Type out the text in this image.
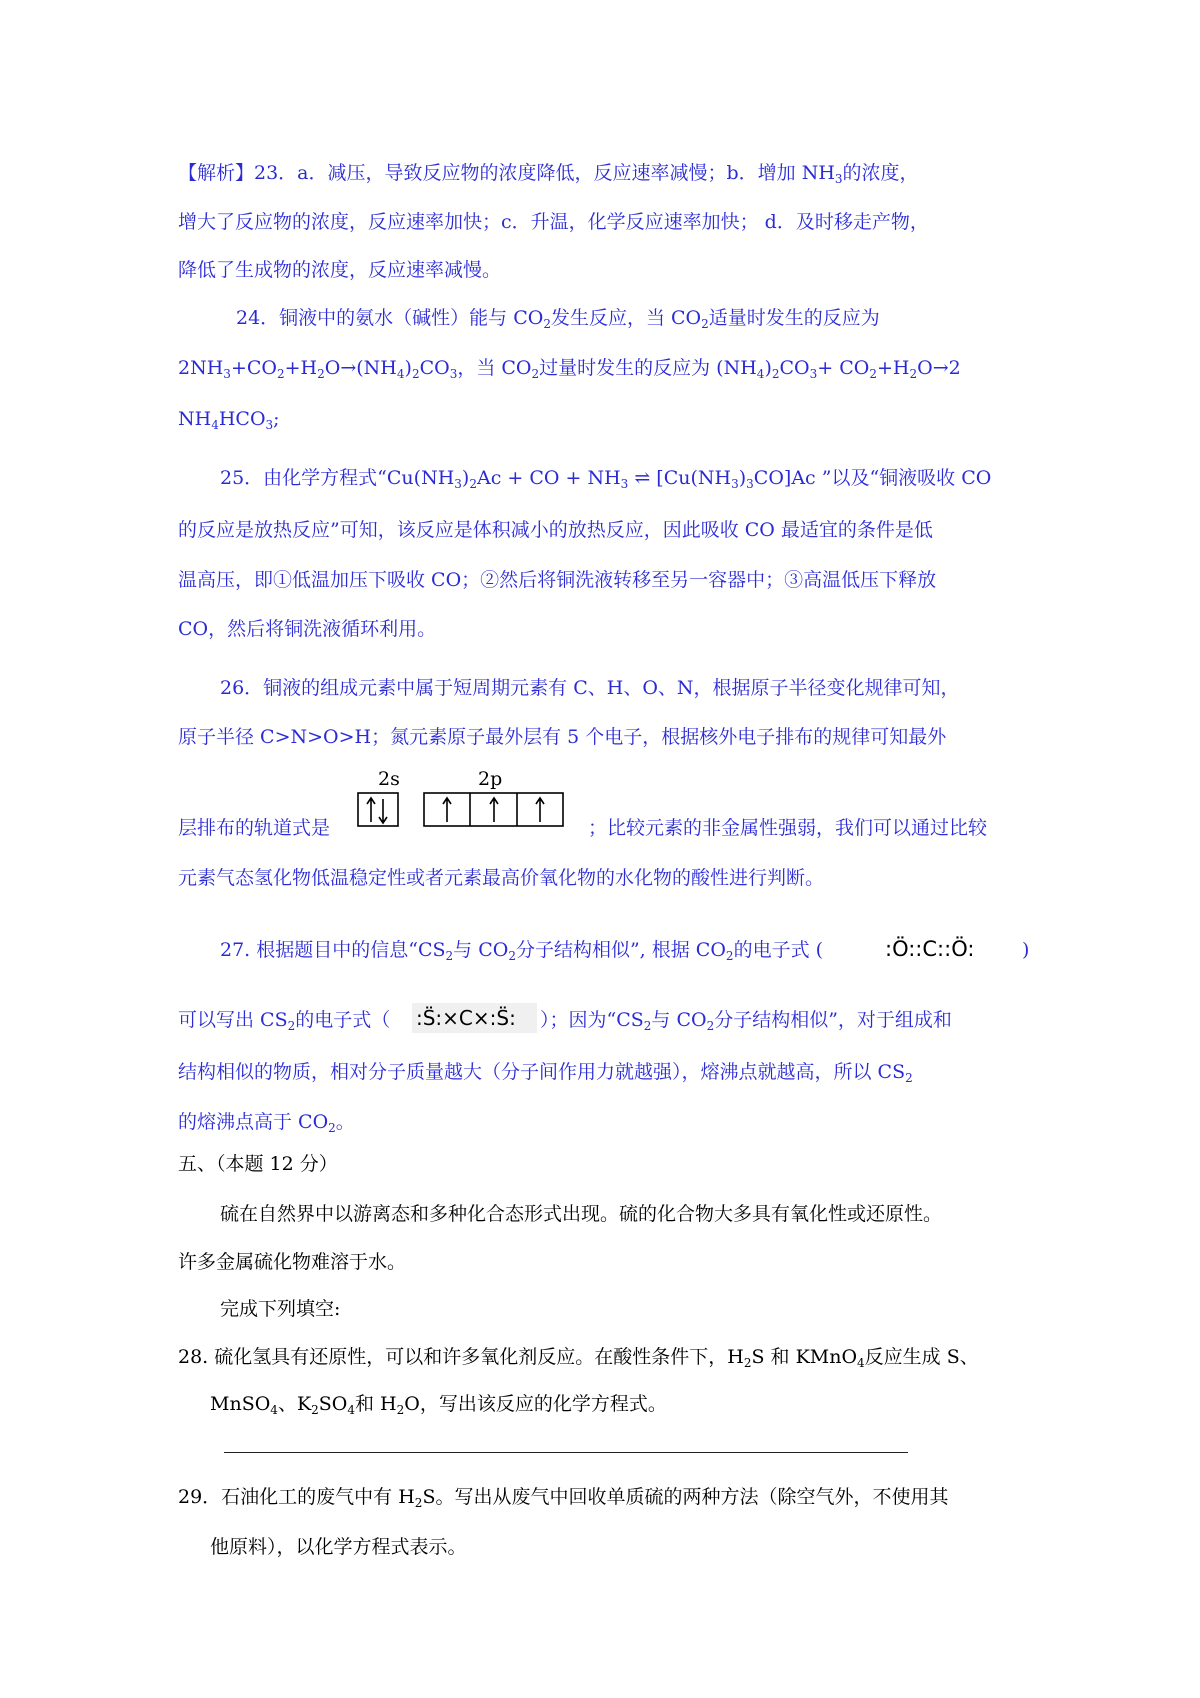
【解析】23．a．减压，导致反应物的浓度降低，反应速率减慢；b．增加 $NH_3$的浓度，
增大了反应物的浓度，反应速率加快；c．升温，化学反应速率加快； d．及时移走产物，
降低了生成物的浓度，反应速率减慢。
24．铜液中的氨水（碱性）能与 $CO_2$发生反应，当 $CO_2$适量时发生的反应为
$2NH_3+CO_2+H_2O\to(NH_4)_2CO_3$，当 $CO_2$过量时发生的反应为 $(NH_4)_2CO_3+ CO_2+H_2O\to 2$
$NH_4HCO_3$;
25．由化学方程式“$Cu(NH_3)_2Ac$ + CO + $NH_3$ ⇌ $[Cu(NH_3)_3CO]Ac$ ”以及“铜液吸收 CO
的反应是放热反应”可知，该反应是体积减小的放热反应，因此吸收 CO 最适宜的条件是低
温高压，即①低温加压下吸收 CO；②然后将铜洗液转移至另一容器中；③高温低压下释放
CO，然后将铜洗液循环利用。
26．铜液的组成元素中属于短周期元素有 C、H、O、N，根据原子半径变化规律可知，
原子半径 C>N>O>H；氮元素原子最外层有 5 个电子，根据核外电子排布的规律可知最外
2s	2p
层排布的轨道式是	；比较元素的非金属性强弱，我们可以通过比较
元素气态氢化物低温稳定性或者元素最高价氧化物的水化物的酸性进行判断。
27. 根据题目中的信息“$CS_2$与 $CO_2$分子结构相似”, 根据 $CO_2$的电子式 (	:Ö::C::Ö:	)
可以写出 $CS_2$的电子式（ :S̈:×C×:S̈: ）；因为“$CS_2$与 $CO_2$分子结构相似”，对于组成和
结构相似的物质，相对分子质量越大（分子间作用力就越强），熔沸点就越高，所以 $CS_2$
的熔沸点高于 $CO_2$。
五、（本题 12 分）
硫在自然界中以游离态和多种化合态形式出现。硫的化合物大多具有氧化性或还原性。
许多金属硫化物难溶于水。
完成下列填空:
28. 硫化氢具有还原性，可以和许多氧化剂反应。在酸性条件下，$H_2S$ 和 KMnO$_4$反应生成 S、
MnSO$_4$、$K_2SO_4$和 $H_2O$，写出该反应的化学方程式。
29．石油化工的废气中有 $H_2S$。写出从废气中回收单质硫的两种方法（除空气外，不使用其
他原料），以化学方程式表示。
